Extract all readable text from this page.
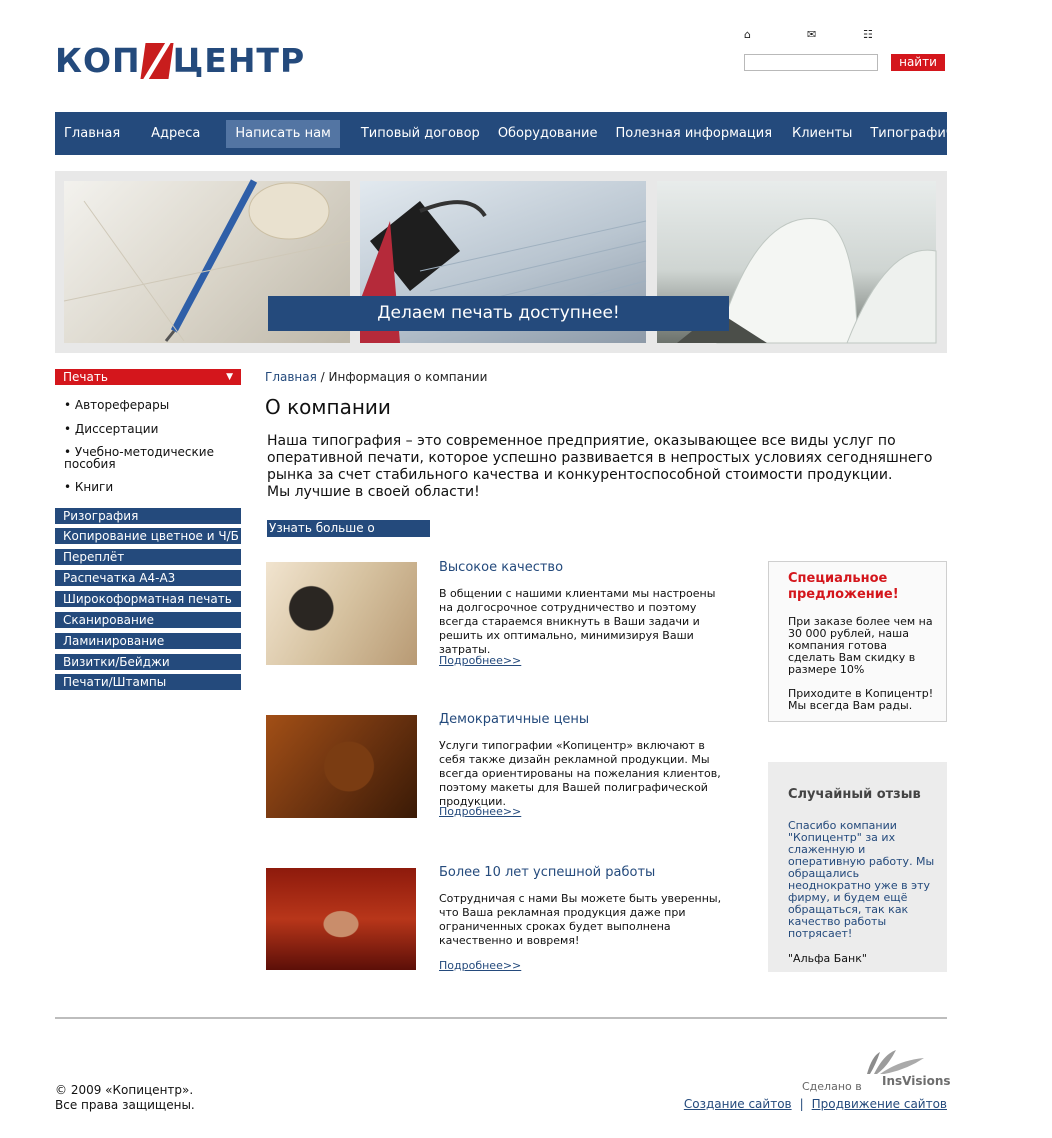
КОП ЦЕНТР
⌂	✉	☷
найти
Главная	Адреса	Написать нам	Типовый договор	Оборудование	Полезная информация	Клиенты	Типографические услуги
Делаем печать доступнее!
Печать	▼
• Автореферары
• Диссертации
• Учебно-методические пособия
• Книги
Ризография
Копирование цветное и Ч/Б
Переплёт
Распечатка А4-А3
Широкоформатная печать
Сканирование
Ламинирование
Визитки/Бейджи
Печати/Штампы
Главная / Информация о компании
О компании

Наша типография – это современное предприятие, оказывающее все виды услуг по оперативной печати, которое успешно развивается в непростых условиях сегодняшнего рынка за счет стабильного качества и конкурентоспособной стоимости продукции.

Мы лучшие в своей области!

Узнать больше о копицентре
Высокое качество
В общении с нашими клиентами мы настроены на долгосрочное сотрудничество и поэтому всегда стараемся вникнуть в Ваши задачи и решить их оптимально, минимизируя Ваши затраты.
Подробнее>>
Демократичные цены
Услуги типографии «Копицентр» включают в себя также дизайн рекламной продукции. Мы всегда ориентированы на пожелания клиентов, поэтому макеты для Вашей полиграфической продукции.
Подробнее>>
Более 10 лет успешной работы
Сотрудничая с нами Вы можете быть уверенны, что Ваша рекламная продукция даже при ограниченных сроках будет выполнена качественно и вовремя!
Подробнее>>
Специальное предложение!
При заказе более чем на 30 000 рублей, наша компания готова сделать Вам скидку в размере 10%
Приходите в Копицентр! Мы всегда Вам рады.
Случайный отзыв
Спасибо компании "Копицентр" за их слаженную и оперативную работу. Мы обращались неоднократно уже в эту фирму, и будем ещё обращаться, так как качество работы потрясает!
"Альфа Банк"
© 2009 «Копицентр».
Все права защищены.
Сделано в InsVisions
Создание сайтов | Продвижение сайтов
